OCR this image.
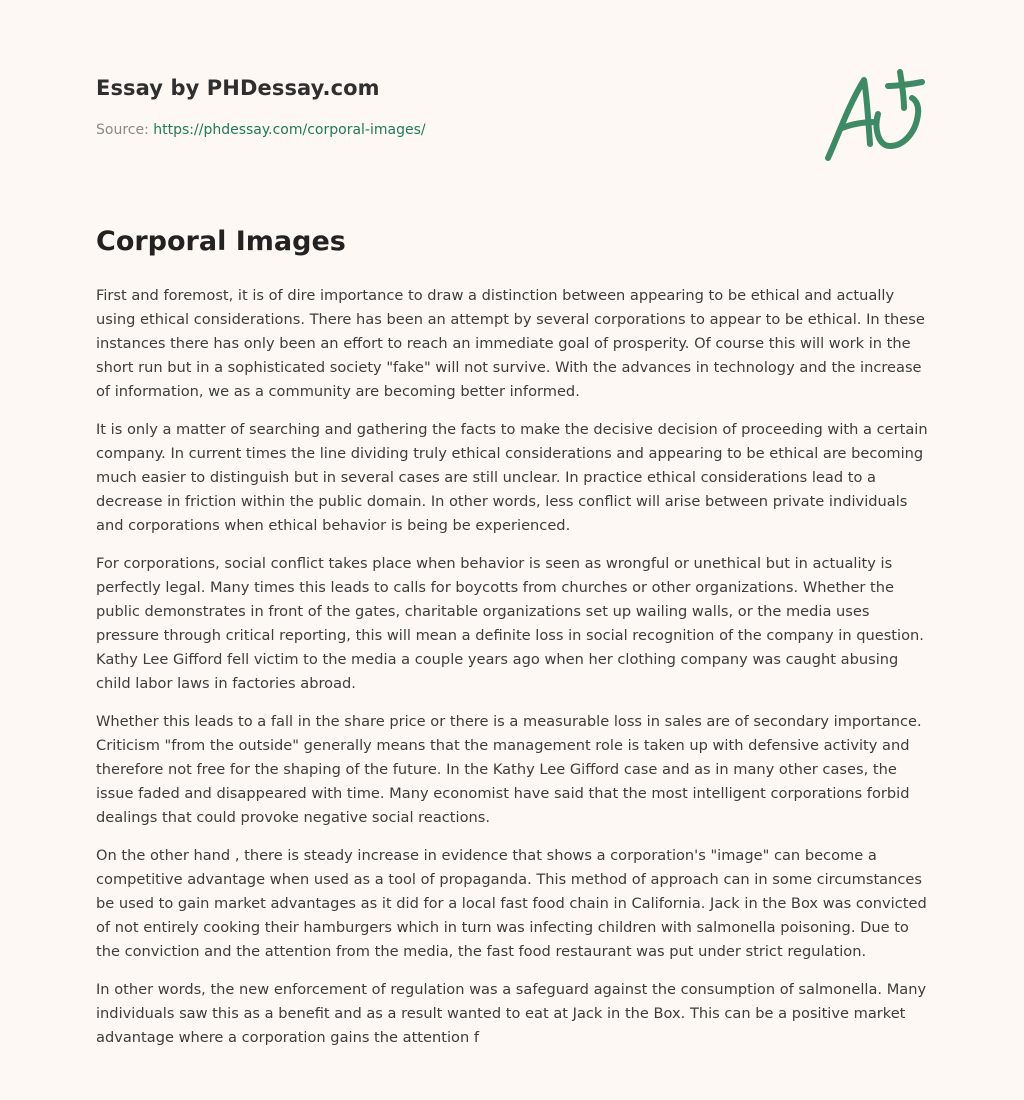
Essay by PHDessay.com
Source: https://phdessay.com/corporal-images/
Corporal Images

First and foremost, it is of dire importance to draw a distinction between appearing to be ethical and actually using ethical considerations. There has been an attempt by several corporations to appear to be ethical. In these instances there has only been an effort to reach an immediate goal of prosperity. Of course this will work in the short run but in a sophisticated society "fake" will not survive. With the advances in technology and the increase of information, we as a community are becoming better informed.

It is only a matter of searching and gathering the facts to make the decisive decision of proceeding with a certain company. In current times the line dividing truly ethical considerations and appearing to be ethical are becoming much easier to distinguish but in several cases are still unclear. In practice ethical considerations lead to a decrease in friction within the public domain. In other words, less conflict will arise between private individuals and corporations when ethical behavior is being be experienced.

For corporations, social conflict takes place when behavior is seen as wrongful or unethical but in actuality is perfectly legal. Many times this leads to calls for boycotts from churches or other organizations. Whether the public demonstrates in front of the gates, charitable organizations set up wailing walls, or the media uses pressure through critical reporting, this will mean a definite loss in social recognition of the company in question. Kathy Lee Gifford fell victim to the media a couple years ago when her clothing company was caught abusing child labor laws in factories abroad.

Whether this leads to a fall in the share price or there is a measurable loss in sales are of secondary importance. Criticism "from the outside" generally means that the management role is taken up with defensive activity and therefore not free for the shaping of the future. In the Kathy Lee Gifford case and as in many other cases, the issue faded and disappeared with time. Many economist have said that the most intelligent corporations forbid dealings that could provoke negative social reactions.

On the other hand , there is steady increase in evidence that shows a corporation's "image" can become a competitive advantage when used as a tool of propaganda. This method of approach can in some circumstances be used to gain market advantages as it did for a local fast food chain in California. Jack in the Box was convicted of not entirely cooking their hamburgers which in turn was infecting children with salmonella poisoning. Due to the conviction and the attention from the media, the fast food restaurant was put under strict regulation.

In other words, the new enforcement of regulation was a safeguard against the consumption of salmonella. Many individuals saw this as a benefit and as a result wanted to eat at Jack in the Box. This can be a positive market advantage where a corporation gains the attention f
